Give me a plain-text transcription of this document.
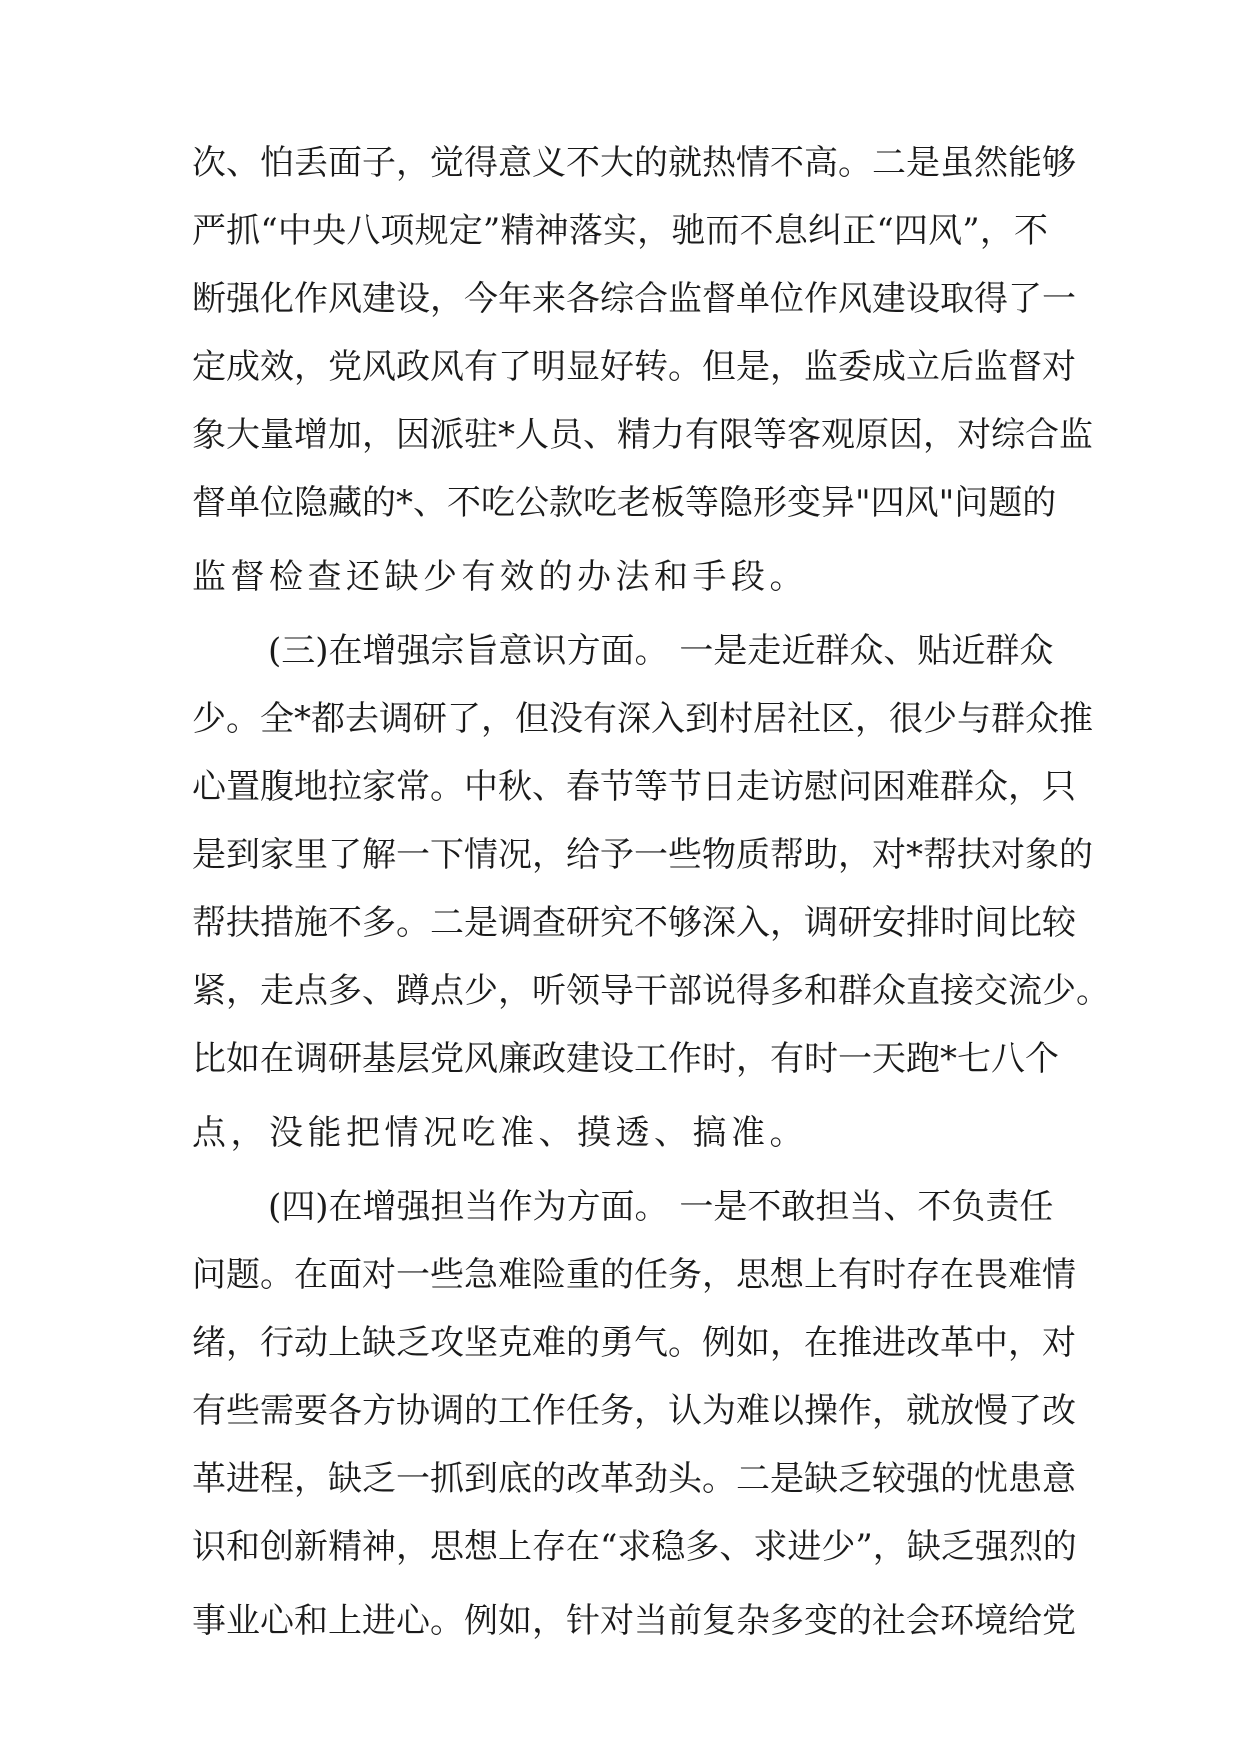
次、怕丢面子，觉得意义不大的就热情不高。二是虽然能够
严抓“中央八项规定”精神落实，驰而不息纠正“四风”，不
断强化作风建设，今年来各综合监督单位作风建设取得了一
定成效，党风政风有了明显好转。但是，监委成立后监督对
象大量增加，因派驻*人员、精力有限等客观原因，对综合监
督单位隐藏的*、不吃公款吃老板等隐形变异"四风"问题的
监督检查还缺少有效的办法和手段。
(三)在增强宗旨意识方面。 一是走近群众、贴近群众
少。全*都去调研了，但没有深入到村居社区，很少与群众推
心置腹地拉家常。中秋、春节等节日走访慰问困难群众，只
是到家里了解一下情况，给予一些物质帮助，对*帮扶对象的
帮扶措施不多。二是调查研究不够深入，调研安排时间比较
紧，走点多、蹲点少，听领导干部说得多和群众直接交流少。
比如在调研基层党风廉政建设工作时，有时一天跑*七八个
点，没能把情况吃准、摸透、搞准。
(四)在增强担当作为方面。 一是不敢担当、不负责任
问题。在面对一些急难险重的任务，思想上有时存在畏难情
绪，行动上缺乏攻坚克难的勇气。例如，在推进改革中，对
有些需要各方协调的工作任务，认为难以操作，就放慢了改
革进程，缺乏一抓到底的改革劲头。二是缺乏较强的忧患意
识和创新精神，思想上存在“求稳多、求进少”，缺乏强烈的
事业心和上进心。例如，针对当前复杂多变的社会环境给党
